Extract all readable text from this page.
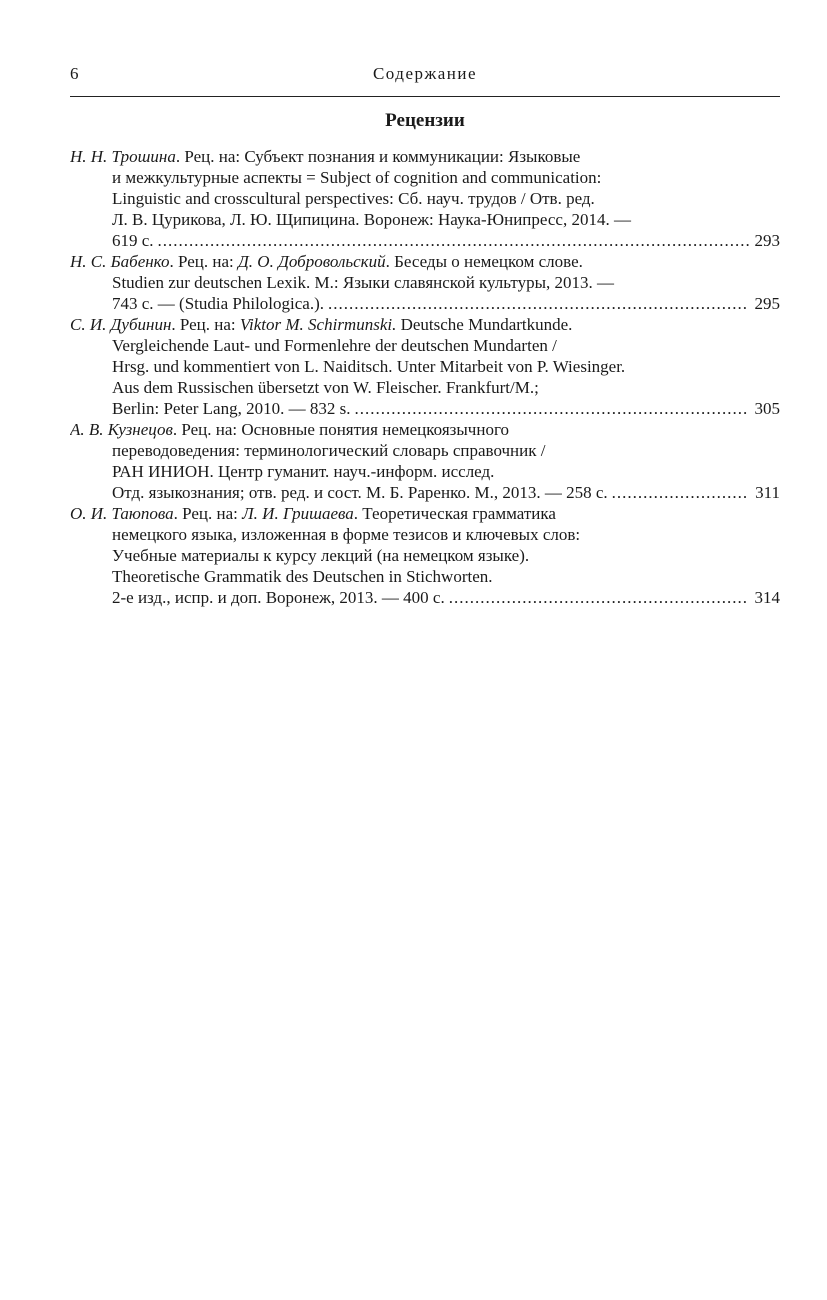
6	Содержание
Рецензии
Н. Н. Трошина. Рец. на: Субъект познания и коммуникации: Языковые
и межкультурные аспекты = Subject of cognition and communication:
Linguistic and crosscultural perspectives: Сб. науч. трудов / Отв. ред.
Л. В. Цурикова, Л. Ю. Щипицина. Воронеж: Наука-Юнипресс, 2014. —
619 с. .....	293
Н. С. Бабенко. Рец. на: Д. О. Добровольский. Беседы о немецком слове.
Studien zur deutschen Lexik. М.: Языки славянской культуры, 2013. —
743 с. — (Studia Philologica.). .....	295
С. И. Дубинин. Рец. на: Viktor M. Schirmunski. Deutsche Mundartkunde.
Vergleichende Laut- und Formenlehre der deutschen Mundarten /
Hrsg. und kommentiert von L. Naiditsch. Unter Mitarbeit von P. Wiesinger.
Aus dem Russischen übersetzt von W. Fleischer. Frankfurt/M.;
Berlin: Peter Lang, 2010. — 832 s. .....	305
А. В. Кузнецов. Рец. на: Основные понятия немецкоязычного
переводоведения: терминологический словарь справочник /
РАН ИНИОН. Центр гуманит. науч.-информ. исслед.
Отд. языкознания; отв. ред. и сост. М. Б. Раренко. М., 2013. — 258 с. .....	311
О. И. Таюпова. Рец. на: Л. И. Гришаева. Теоретическая грамматика
немецкого языка, изложенная в форме тезисов и ключевых слов:
Учебные материалы к курсу лекций (на немецком языке).
Theoretische Grammatik des Deutschen in Stichworten.
2-е изд., испр. и доп. Воронеж, 2013. — 400 с. .....	314
